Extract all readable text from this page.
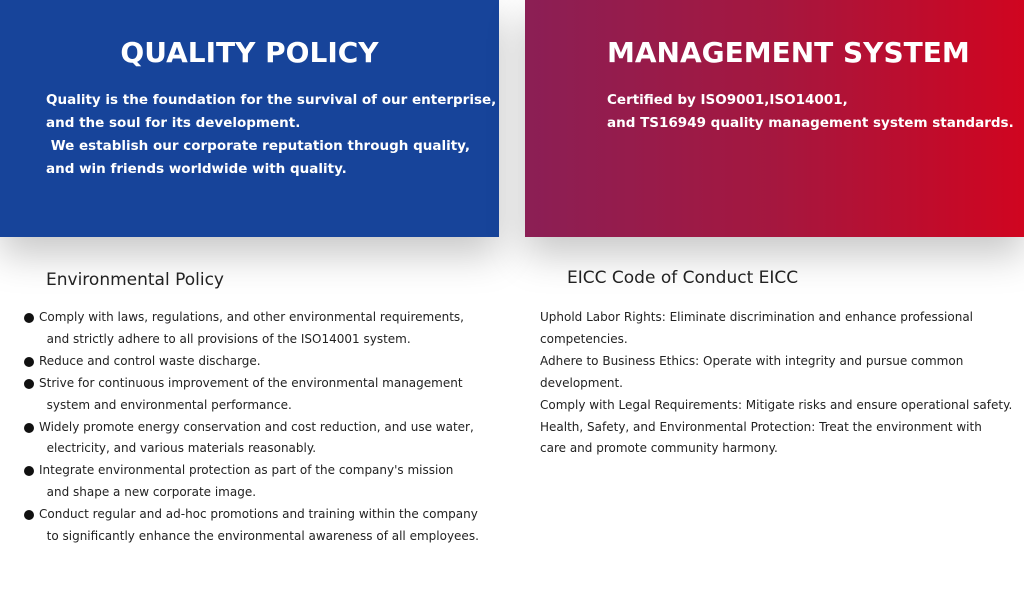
QUALITY POLICY
Quality is the foundation for the survival of our enterprise,
and the soul for its development.
We establish our corporate reputation through quality,
and win friends worldwide with quality.
MANAGEMENT SYSTEM
Certified by ISO9001,ISO14001,
and TS16949 quality management system standards.
Environmental Policy
Comply with laws, regulations, and other environmental requirements,
and strictly adhere to all provisions of the ISO14001 system.
Reduce and control waste discharge.
Strive for continuous improvement of the environmental management
system and environmental performance.
Widely promote energy conservation and cost reduction, and use water,
electricity, and various materials reasonably.
Integrate environmental protection as part of the company's mission
and shape a new corporate image.
Conduct regular and ad-hoc promotions and training within the company
to significantly enhance the environmental awareness of all employees.
EICC Code of Conduct EICC
Uphold Labor Rights: Eliminate discrimination and enhance professional
competencies.
Adhere to Business Ethics: Operate with integrity and pursue common
development.
Comply with Legal Requirements: Mitigate risks and ensure operational safety.
Health, Safety, and Environmental Protection: Treat the environment with
care and promote community harmony.
